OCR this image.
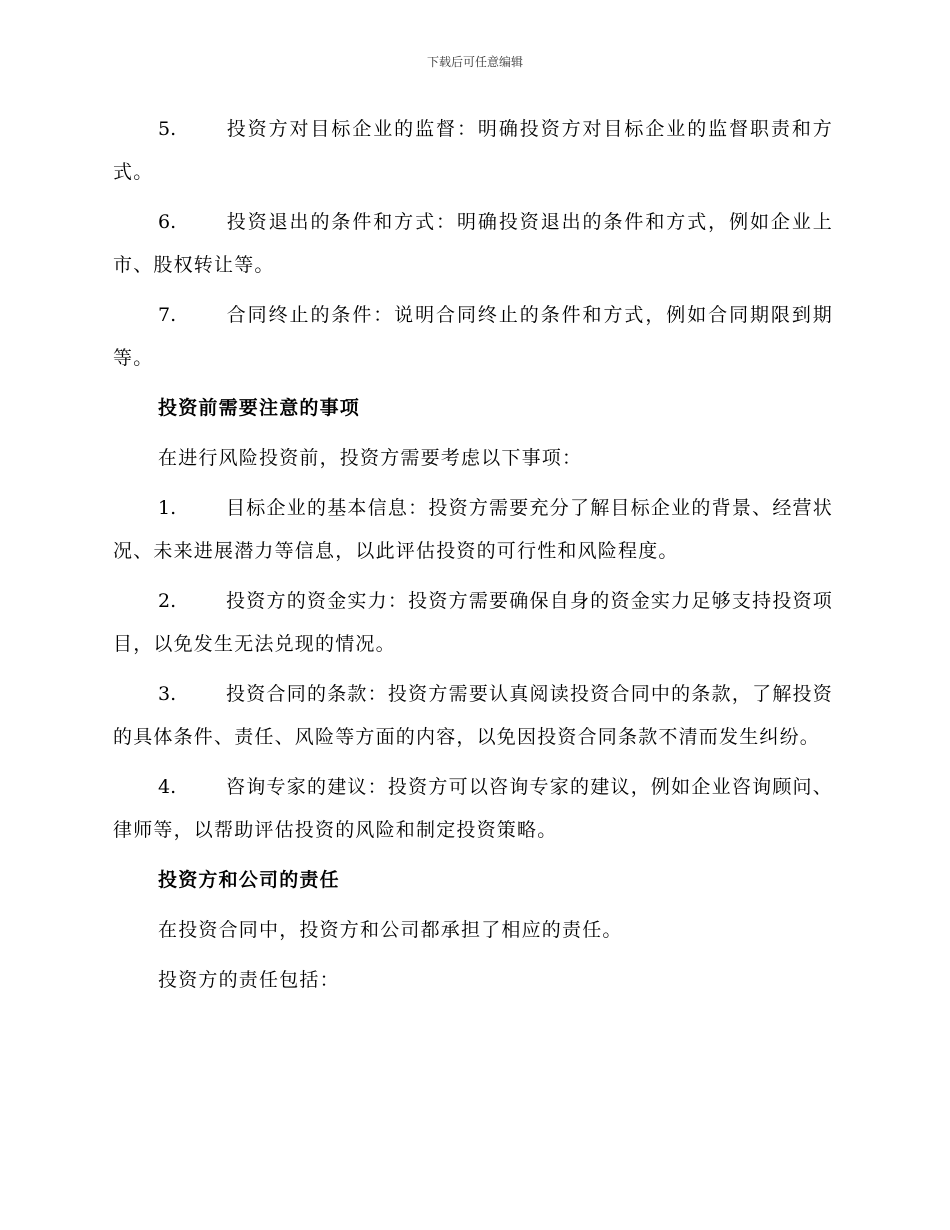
下载后可任意编辑
5.	投资方对目标企业的监督：明确投资方对目标企业的监督职责和方式。
6.	投资退出的条件和方式：明确投资退出的条件和方式，例如企业上市、股权转让等。
7.	合同终止的条件：说明合同终止的条件和方式，例如合同期限到期等。
投资前需要注意的事项
在进行风险投资前，投资方需要考虑以下事项：
1.	目标企业的基本信息：投资方需要充分了解目标企业的背景、经营状况、未来进展潜力等信息，以此评估投资的可行性和风险程度。
2.	投资方的资金实力：投资方需要确保自身的资金实力足够支持投资项目，以免发生无法兑现的情况。
3.	投资合同的条款：投资方需要认真阅读投资合同中的条款，了解投资的具体条件、责任、风险等方面的内容，以免因投资合同条款不清而发生纠纷。
4.	咨询专家的建议：投资方可以咨询专家的建议，例如企业咨询顾问、律师等，以帮助评估投资的风险和制定投资策略。
投资方和公司的责任
在投资合同中，投资方和公司都承担了相应的责任。
投资方的责任包括：
